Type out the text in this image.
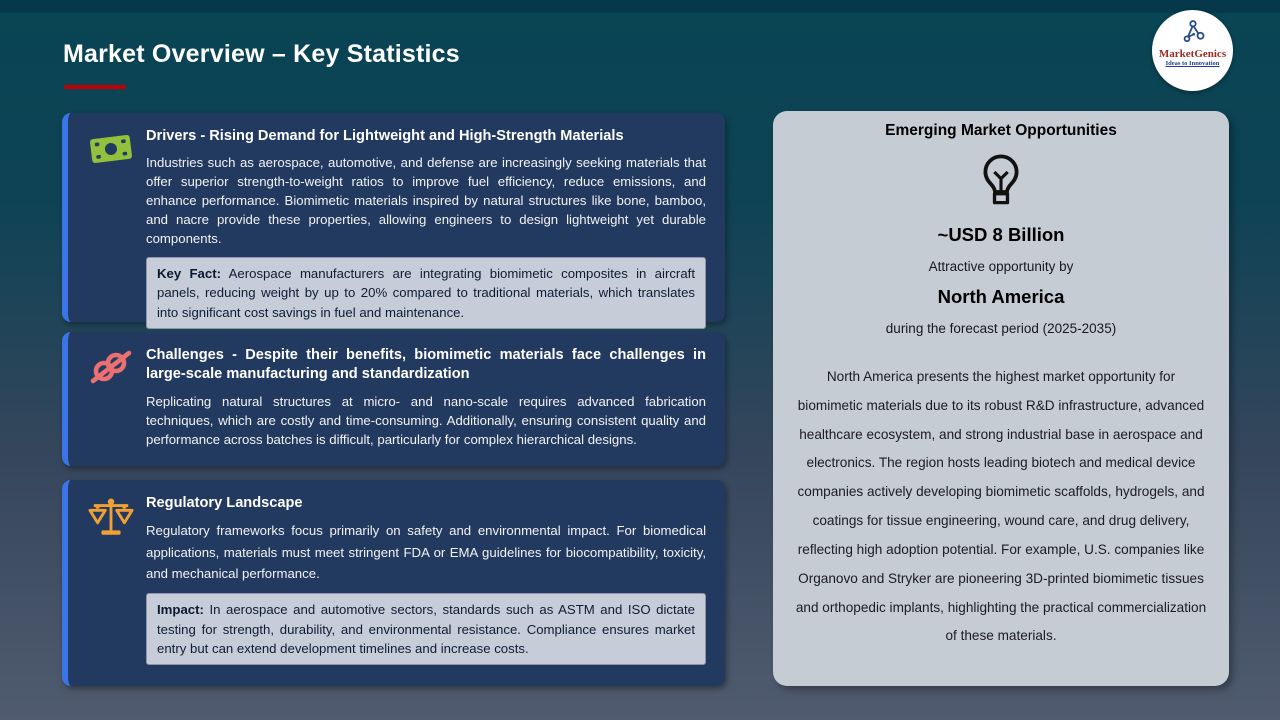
Market Overview – Key Statistics	MarketGenics
Ideas to Innovation
Drivers - Rising Demand for Lightweight and High-Strength Materials
Industries such as aerospace, automotive, and defense are increasingly seeking materials that offer superior strength-to-weight ratios to improve fuel efficiency, reduce emissions, and enhance performance. Biomimetic materials inspired by natural structures like bone, bamboo, and nacre provide these properties, allowing engineers to design lightweight yet durable components.
Key Fact: Aerospace manufacturers are integrating biomimetic composites in aircraft panels, reducing weight by up to 20% compared to traditional materials, which translates into significant cost savings in fuel and maintenance.
Challenges - Despite their benefits, biomimetic materials face challenges in large-scale manufacturing and standardization
Replicating natural structures at micro- and nano-scale requires advanced fabrication techniques, which are costly and time-consuming. Additionally, ensuring consistent quality and performance across batches is difficult, particularly for complex hierarchical designs.
Regulatory Landscape
Regulatory frameworks focus primarily on safety and environmental impact. For biomedical applications, materials must meet stringent FDA or EMA guidelines for biocompatibility, toxicity, and mechanical performance.
Impact: In aerospace and automotive sectors, standards such as ASTM and ISO dictate testing for strength, durability, and environmental resistance. Compliance ensures market entry but can extend development timelines and increase costs.
Emerging Market Opportunities
~USD 8 Billion
Attractive opportunity by
North America
during the forecast period (2025-2035)
North America presents the highest market opportunity for biomimetic materials due to its robust R&D infrastructure, advanced healthcare ecosystem, and strong industrial base in aerospace and electronics. The region hosts leading biotech and medical device companies actively developing biomimetic scaffolds, hydrogels, and coatings for tissue engineering, wound care, and drug delivery, reflecting high adoption potential. For example, U.S. companies like Organovo and Stryker are pioneering 3D-printed biomimetic tissues and orthopedic implants, highlighting the practical commercialization of these materials.
